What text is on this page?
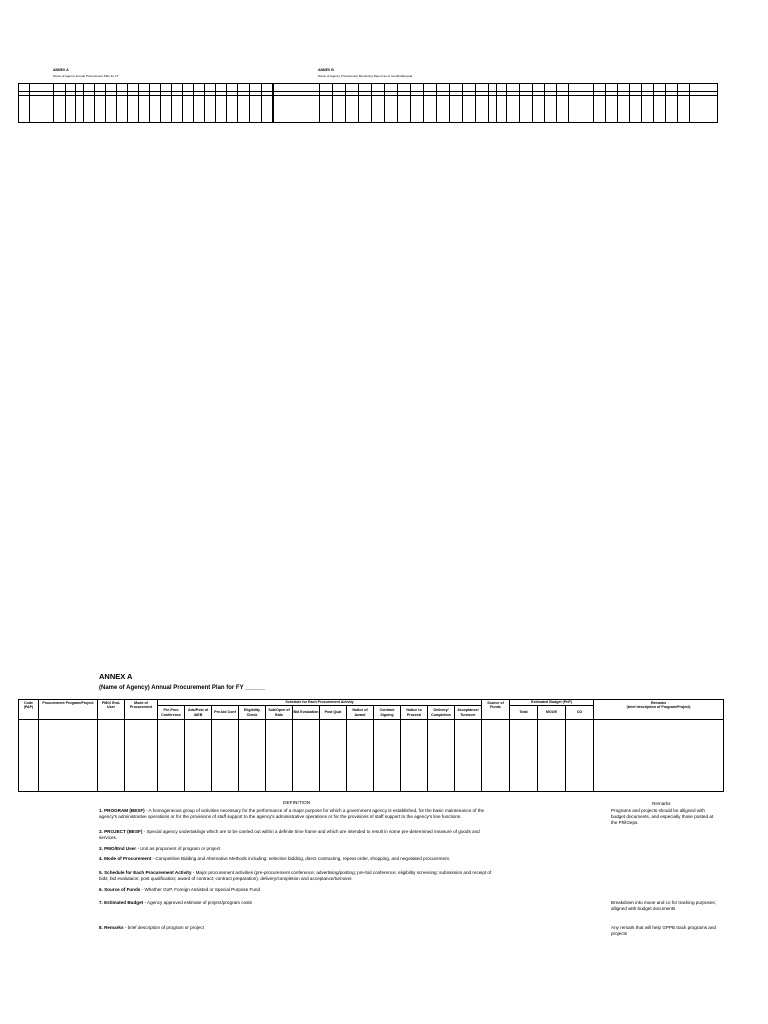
ANNEX A
Name of Agency Annual Procurement Plan for FY
ANNEX B
Name of Agency Procurement Monitoring Report as of month/date/year
ANNEX A
(Name of Agency) Annual Procurement Plan for FY ______
Code (PAP)	Procurement Program/Project	PMO/ End-User	Mode of Procurement	Schedule for Each Procurement Activity												Source of Funds	Estimated Budget (PhP)			Remarks
(brief description of Program/Project)
				Pre-Proc Conference	Ads/Post of IAEB	Pre-bid Conf	Eligibility Check	Sub/Open of Bids	Bid Evaluation	Post Qual	Notice of Award	Contract Signing	Notice to Proceed	Delivery/ Completion	Acceptance/ Turnover		Total	MOOE	CO	

DEFINITION
1. PROGRAM (BESF) - A homogeneous group of activities necessary for the performance of a major purpose for which a government agency is established, for the basic maintenance of the agency's administrative operations or for the provisions of staff support to the agency's administrative operations or for the provisions of staff support to the agency's line functions.
2. PROJECT (BESF) - Special agency undertakings which are to be carried out within a definite time frame and which are intended to result in some pre-determined measure of goods and services.
3. PMO/End User - Unit as proponent of program or project
4. Mode of Procurement - Competitive Bidding and Alternative Methods including: selective bidding, direct contracting, repeat order, shopping, and negotiated procurement.
5. Schedule for Each Procurement Activity - Major procurement activities (pre-procurement conference; advertising/posting; pre-bid conference; eligibility screening; submission and receipt of bids; bid evalutaion; post qualification; award of contract; contract preparation), delivery/completion and acceptance/turnover.
6. Source of Funds - Whether GoP, Foreign Assisted or Special Purpose Fund
7. Estimated Budget - Agency approved estimate of project/program costs
8. Remarks - brief description of program or project
Remarks
Programs and projects should be alligned with budget documents, and especially those posted at the PhilGeps.
Breakdown into mooe and co for tracking purposes; alligned with budget documents
Any remark that will help GPPB track programs and projects
